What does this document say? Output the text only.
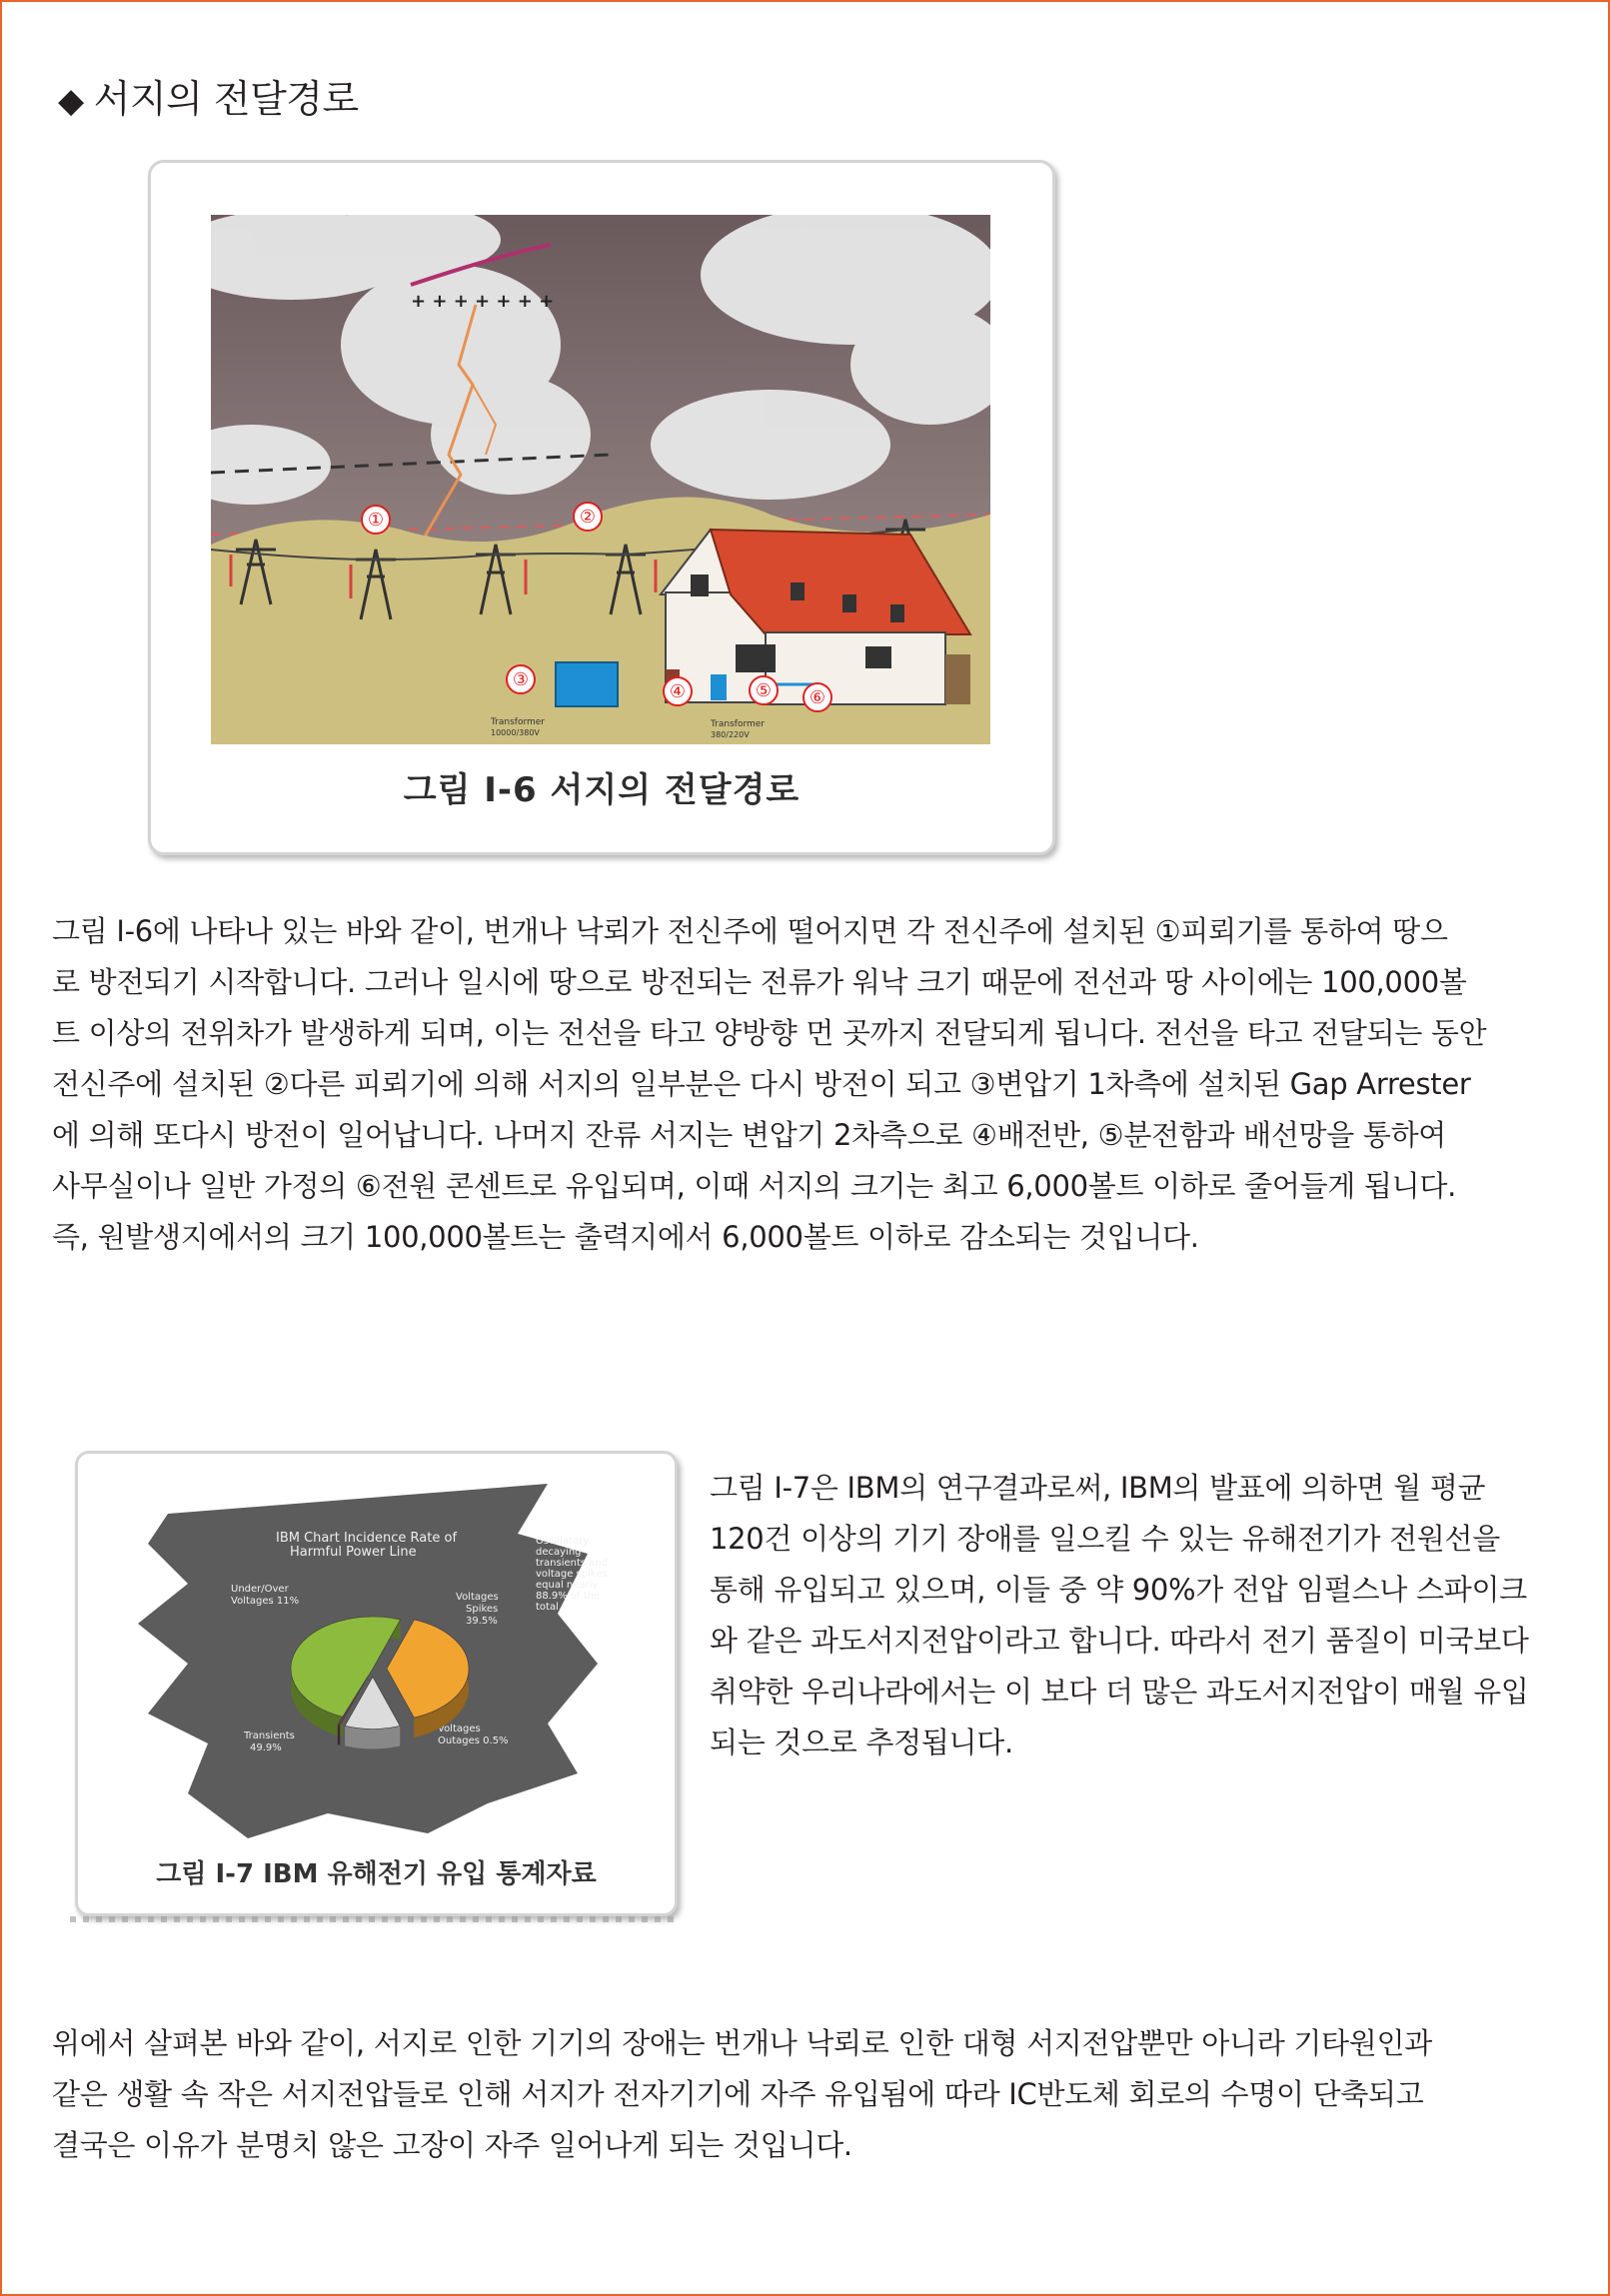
◆ 서지의 전달경로
+ + + + + + +
Transformer
10000/380V
Transformer
380/220V
①	②
③
④	⑤ ⑥
그림 Ⅰ-6 서지의 전달경로

그림 Ⅰ-6에 나타나 있는 바와 같이, 번개나 낙뢰가 전신주에 떨어지면 각 전신주에 설치된 ①피뢰기를 통하여 땅으
로 방전되기 시작합니다. 그러나 일시에 땅으로 방전되는 전류가 워낙 크기 때문에 전선과 땅 사이에는 100,000볼
트 이상의 전위차가 발생하게 되며, 이는 전선을 타고 양방향 먼 곳까지 전달되게 됩니다. 전선을 타고 전달되는 동안
전신주에 설치된 ②다른 피뢰기에 의해 서지의 일부분은 다시 방전이 되고 ③변압기 1차측에 설치된 Gap Arrester
에 의해 또다시 방전이 일어납니다. 나머지 잔류 서지는 변압기 2차측으로 ④배전반, ⑤분전함과 배선망을 통하여
사무실이나 일반 가정의 ⑥전원 콘센트로 유입되며, 이때 서지의 크기는 최고 6,000볼트 이하로 줄어들게 됩니다.
즉, 원발생지에서의 크기 100,000볼트는 출력지에서 6,000볼트 이하로 감소되는 것입니다.

IBM Chart Incidence Rate of
Harmful Power Line
Under/Over
Voltages 11%	Voltages
Spikes
39.5%
Transients
49.9%
Voltages
Outages 0.5%
Oscillatory,
decaying
transients and
voltage spikes
equal nearly
88.9% of the
total.
그림 Ⅰ-7 IBM 유해전기 유입 통계자료

그림 Ⅰ-7은 IBM의 연구결과로써, IBM의 발표에 의하면 월 평균
120건 이상의 기기 장애를 일으킬 수 있는 유해전기가 전원선을
통해 유입되고 있으며, 이들 중 약 90%가 전압 임펄스나 스파이크
와 같은 과도서지전압이라고 합니다. 따라서 전기 품질이 미국보다
취약한 우리나라에서는 이 보다 더 많은 과도서지전압이 매월 유입
되는 것으로 추정됩니다.

위에서 살펴본 바와 같이, 서지로 인한 기기의 장애는 번개나 낙뢰로 인한 대형 서지전압뿐만 아니라 기타원인과
같은 생활 속 작은 서지전압들로 인해 서지가 전자기기에 자주 유입됨에 따라 IC반도체 회로의 수명이 단축되고
결국은 이유가 분명치 않은 고장이 자주 일어나게 되는 것입니다.
